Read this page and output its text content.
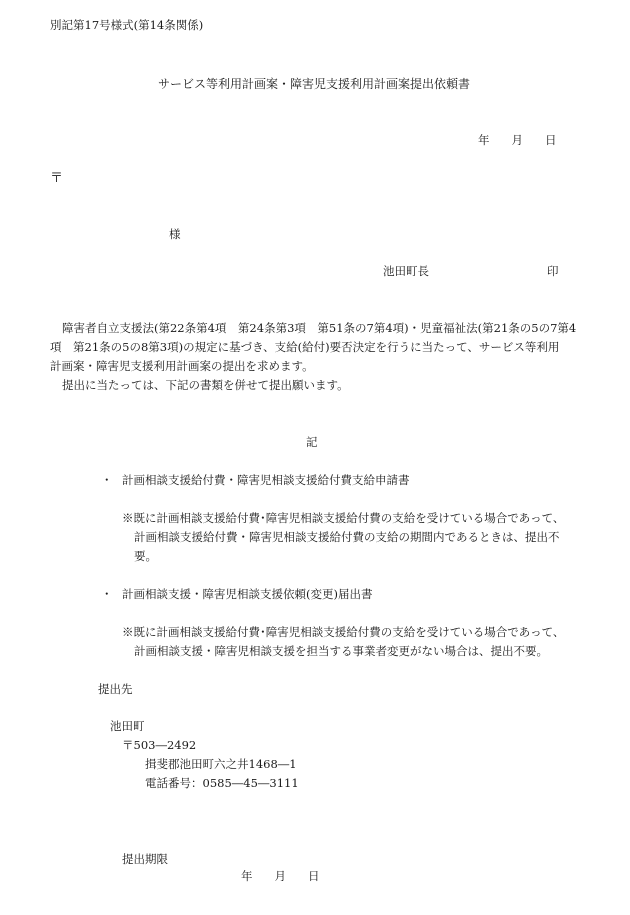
別記第17号様式(第14条関係)
サービス等利用計画案・障害児支援利用計画案提出依頼書
年 月 日
〒
様
池田町長	印
障害者自立支援法(第22条第4項　第24条第3項　第51条の7第4項)・児童福祉法(第21条の5の7第4
項　第21条の5の8第3項)の規定に基づき、支給(給付)要否決定を行うに当たって、サービス等利用
計画案・障害児支援利用計画案の提出を求めます。
提出に当たっては、下記の書類を併せて提出願います。
記
・ 計画相談支援給付費・障害児相談支援給付費支給申請書
※既に計画相談支援給付費･障害児相談支援給付費の支給を受けている場合であって、
計画相談支援給付費・障害児相談支援給付費の支給の期間内であるときは、提出不
要。
・ 計画相談支援・障害児相談支援依頼(変更)届出書
※既に計画相談支援給付費･障害児相談支援給付費の支給を受けている場合であって、
計画相談支援・障害児相談支援を担当する事業者変更がない場合は、提出不要。
提出先
池田町
〒503―2492
揖斐郡池田町六之井1468―1
電話番号：0585―45―3111
提出期限
年 月 日
